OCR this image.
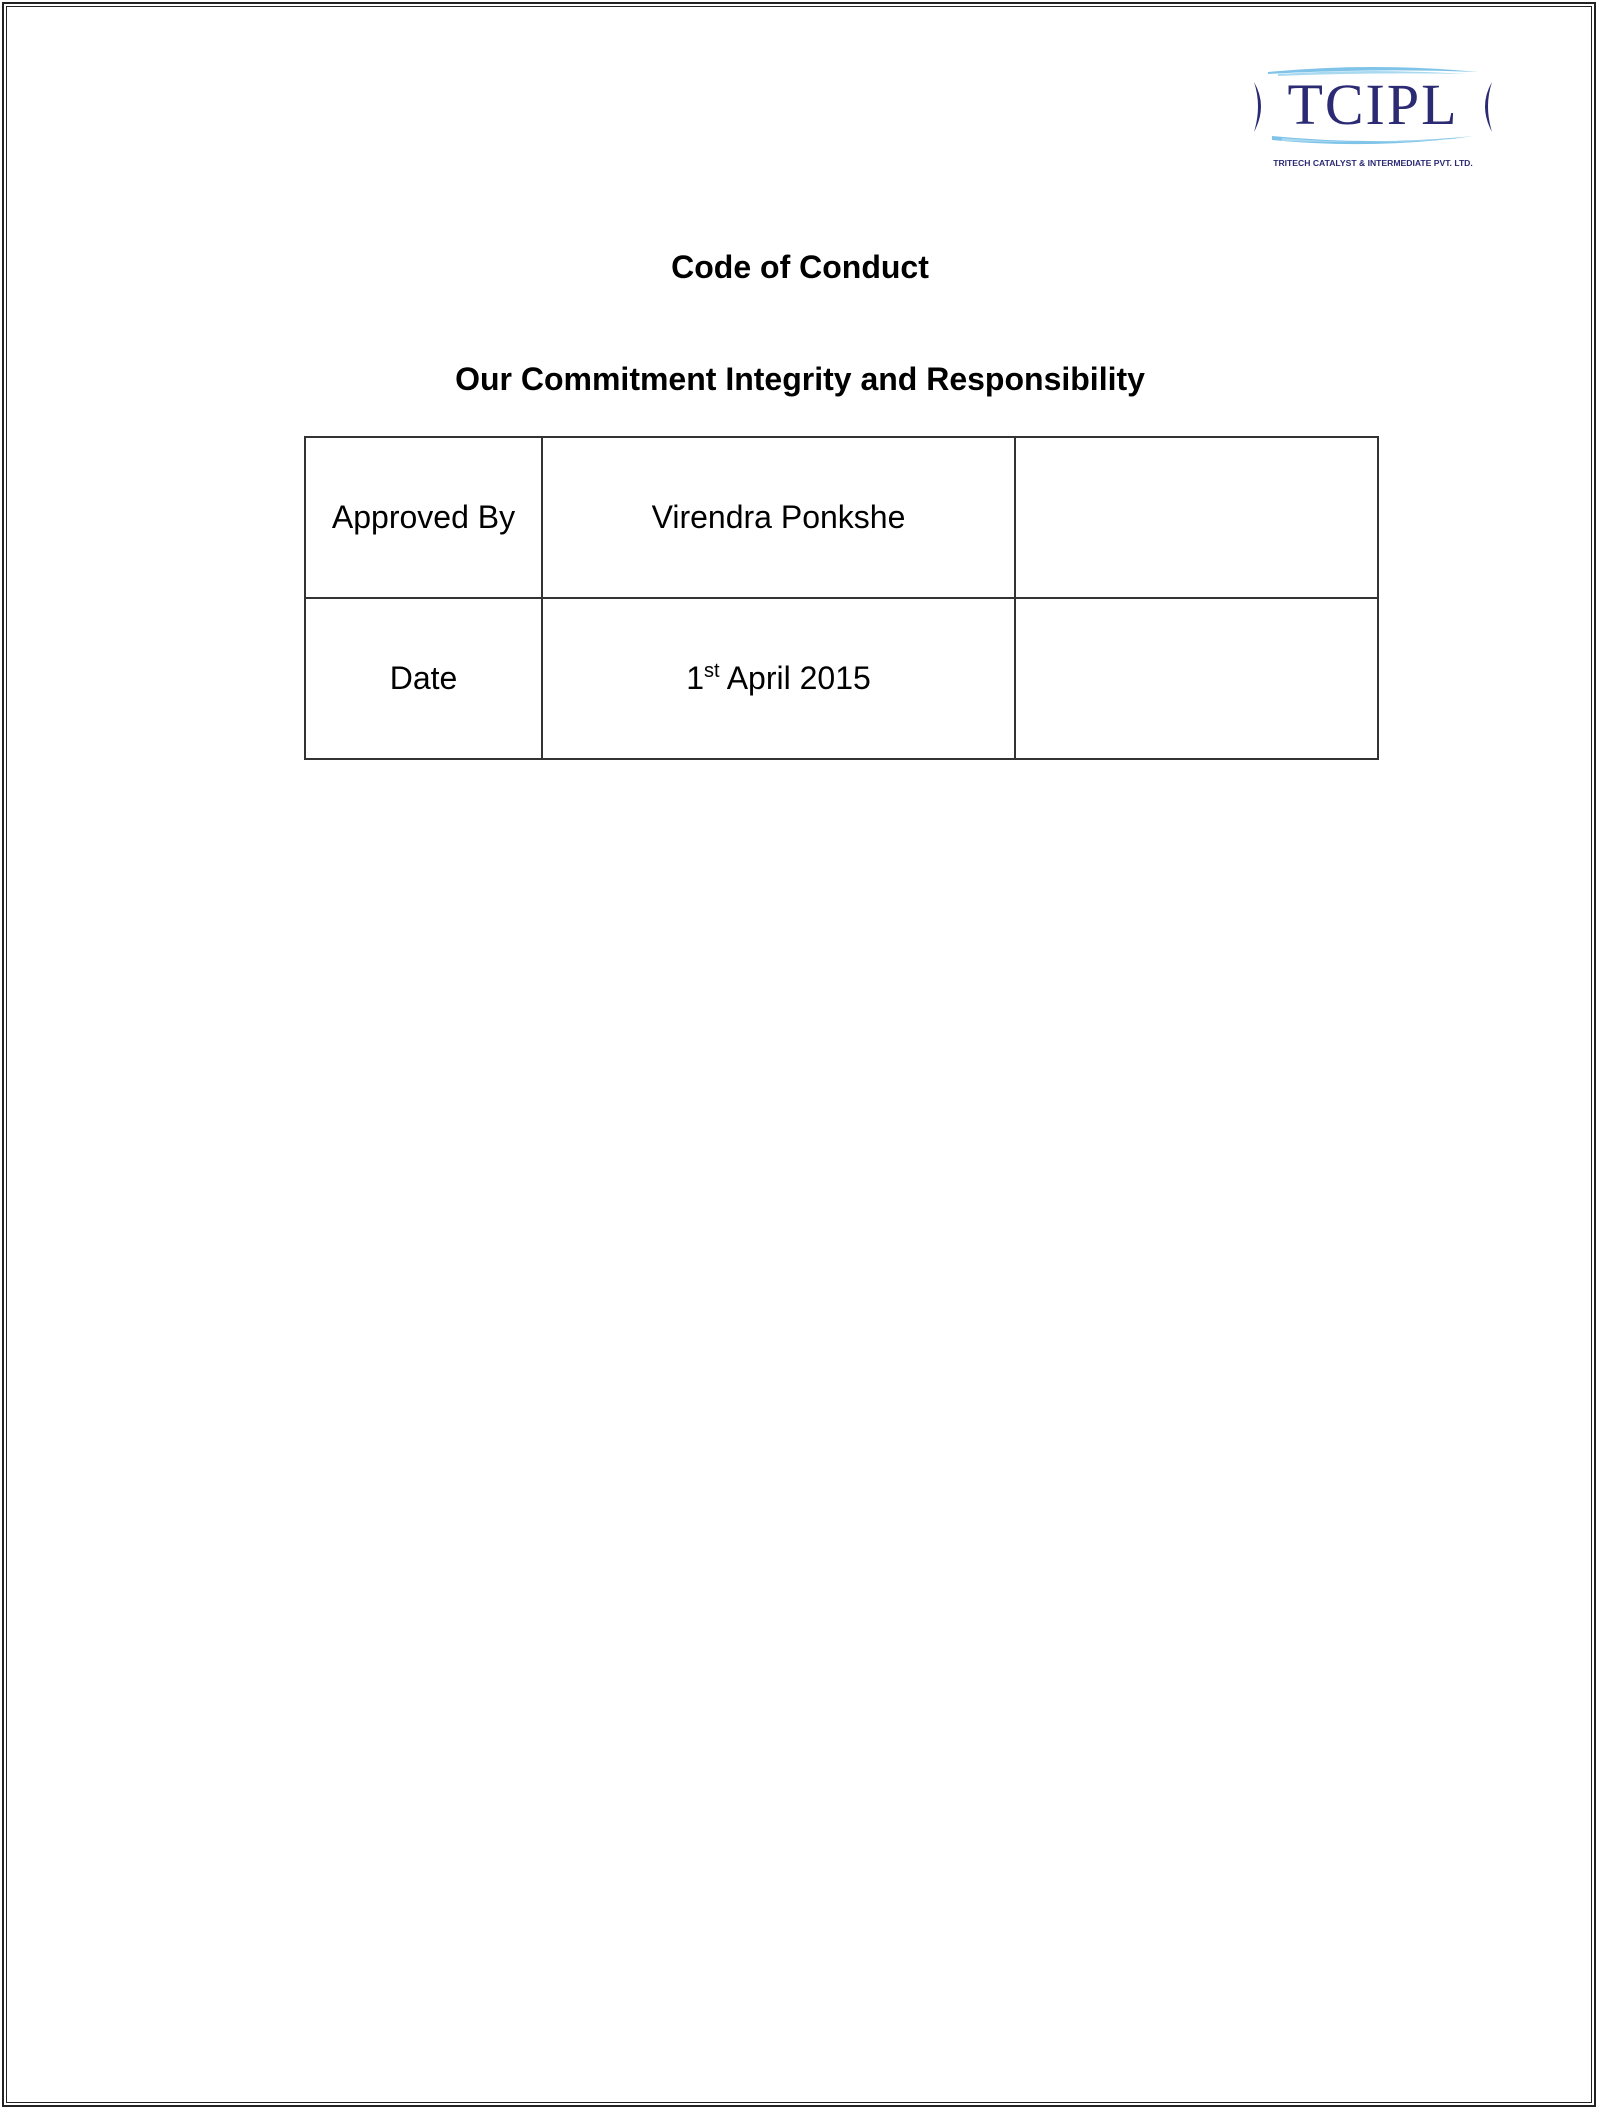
TCIPL
TRITECH CATALYST & INTERMEDIATE PVT. LTD.
Code of Conduct
Our Commitment Integrity and Responsibility
Approved By	Virendra Ponkshe	
Date	1st April 2015	
